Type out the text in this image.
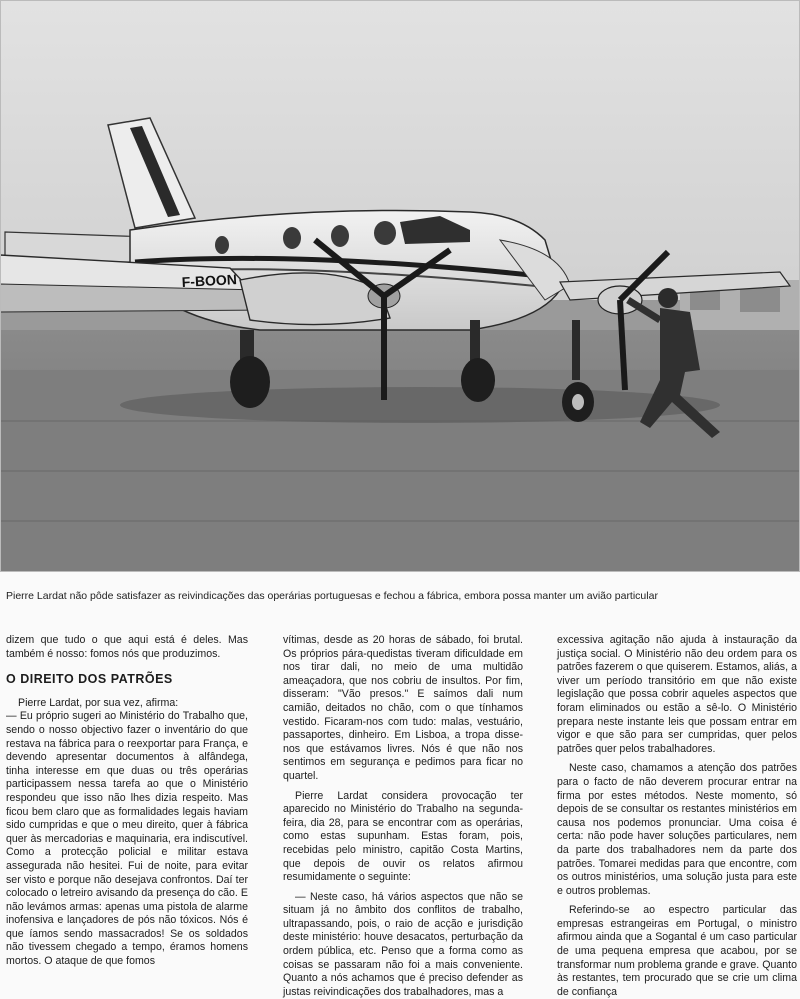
F-BOON
Pierre Lardat não pôde satisfazer as reivindicações das operárias portuguesas e fechou a fábrica, embora possa manter um avião particular

dizem que tudo o que aqui está é deles. Mas também é nosso: fomos nós que produzimos.

O DIREITO DOS PATRÕES

Pierre Lardat, por sua vez, afirma:

— Eu próprio sugeri ao Ministério do Trabalho que, sendo o nosso objectivo fazer o inventário do que restava na fábrica para o reexportar para França, e devendo apresentar documentos à alfândega, tinha interesse em que duas ou três operárias participassem nessa tarefa ao que o Ministério respondeu que isso não lhes dizia respeito. Mas ficou bem claro que as formalidades legais haviam sido cumpridas e que o meu direito, quer à fábrica quer às mercadorias e maquinaria, era indiscutível. Como a protecção policial e militar estava assegurada não hesitei. Fui de noite, para evitar ser visto e porque não desejava confrontos. Daí ter colocado o letreiro avisando da presença do cão. E não levámos armas: apenas uma pistola de alarme inofensiva e lançadores de pós não tóxicos. Nós é que íamos sendo massacrados! Se os soldados não tivessem chegado a tempo, éramos homens mortos. O ataque de que fomos

vítimas, desde as 20 horas de sábado, foi brutal. Os próprios pára-quedistas tiveram dificuldade em nos tirar dali, no meio de uma multidão ameaçadora, que nos cobriu de insultos. Por fim, disseram: "Vão presos." E saímos dali num camião, deitados no chão, com o que tínhamos vestido. Ficaram-nos com tudo: malas, vestuário, passaportes, dinheiro. Em Lisboa, a tropa disse-nos que estávamos livres. Nós é que não nos sentimos em segurança e pedimos para ficar no quartel.

Pierre Lardat considera provocação ter aparecido no Ministério do Trabalho na segunda-feira, dia 28, para se encontrar com as operárias, como estas supunham. Estas foram, pois, recebidas pelo ministro, capitão Costa Martins, que depois de ouvir os relatos afirmou resumidamente o seguinte:

— Neste caso, há vários aspectos que não se situam já no âmbito dos conflitos de trabalho, ultrapassando, pois, o raio de acção e jurisdição deste ministério: houve desacatos, perturbação da ordem pública, etc. Penso que a forma como as coisas se passaram não foi a mais conveniente. Quanto a nós achamos que é preciso defender as justas reivindicações dos trabalhadores, mas a

excessiva agitação não ajuda à instauração da justiça social. O Ministério não deu ordem para os patrões fazerem o que quiserem. Estamos, aliás, a viver um período transitório em que não existe legislação que possa cobrir aqueles aspectos que foram eliminados ou estão a sê-lo. O Ministério prepara neste instante leis que possam entrar em vigor e que são para ser cumpridas, quer pelos patrões quer pelos trabalhadores.

Neste caso, chamamos a atenção dos patrões para o facto de não deverem procurar entrar na firma por estes métodos. Neste momento, só depois de se consultar os restantes ministérios em causa nos podemos pronunciar. Uma coisa é certa: não pode haver soluções particulares, nem da parte dos trabalhadores nem da parte dos patrões. Tomarei medidas para que encontre, com os outros ministérios, uma solução justa para este e outros problemas.

Referindo-se ao espectro particular das empresas estrangeiras em Portugal, o ministro afirmou ainda que a Sogantal é um caso particular de uma pequena empresa que acabou, por se transformar num problema grande e grave. Quanto às restantes, tem procurado que se crie um clima de confiança
